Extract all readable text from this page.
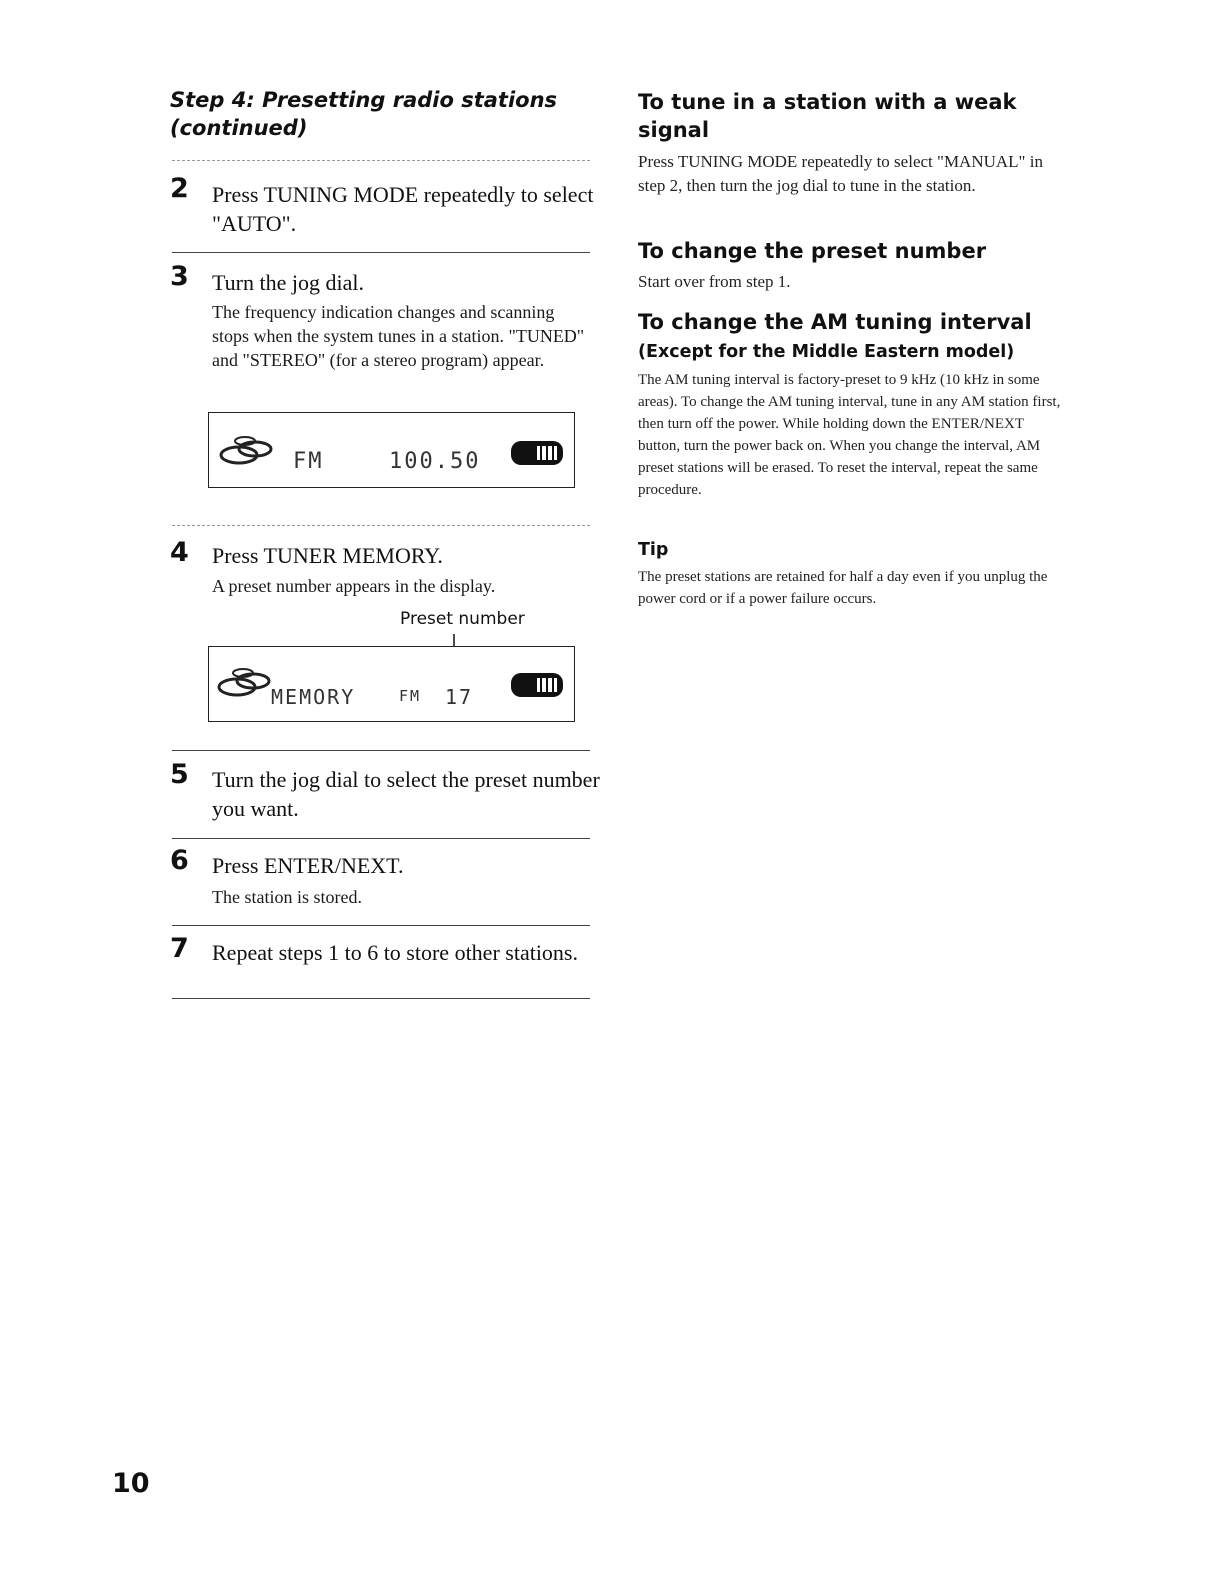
Step 4: Presetting radio stations
(continued)
2 Press TUNING MODE repeatedly to select "AUTO".
3 Turn the jog dial.
The frequency indication changes and scanning stops when the system tunes in a station. "TUNED" and "STEREO" (for a stereo program) appear.
FM	100.50
4 Press TUNER MEMORY.
A preset number appears in the display.
Preset number
MEMORY	FM 17
5 Turn the jog dial to select the preset number you want.
6 Press ENTER/NEXT.
The station is stored.
7 Repeat steps 1 to 6 to store other stations.
To tune in a station with a weak signal
Press TUNING MODE repeatedly to select "MANUAL" in step 2, then turn the jog dial to tune in the station.
To change the preset number
Start over from step 1.
To change the AM tuning interval
(Except for the Middle Eastern model)
The AM tuning interval is factory-preset to 9 kHz (10 kHz in some areas). To change the AM tuning interval, tune in any AM station first, then turn off the power. While holding down the ENTER/NEXT button, turn the power back on. When you change the interval, AM preset stations will be erased. To reset the interval, repeat the same procedure.
Tip
The preset stations are retained for half a day even if you unplug the power cord or if a power failure occurs.
10
